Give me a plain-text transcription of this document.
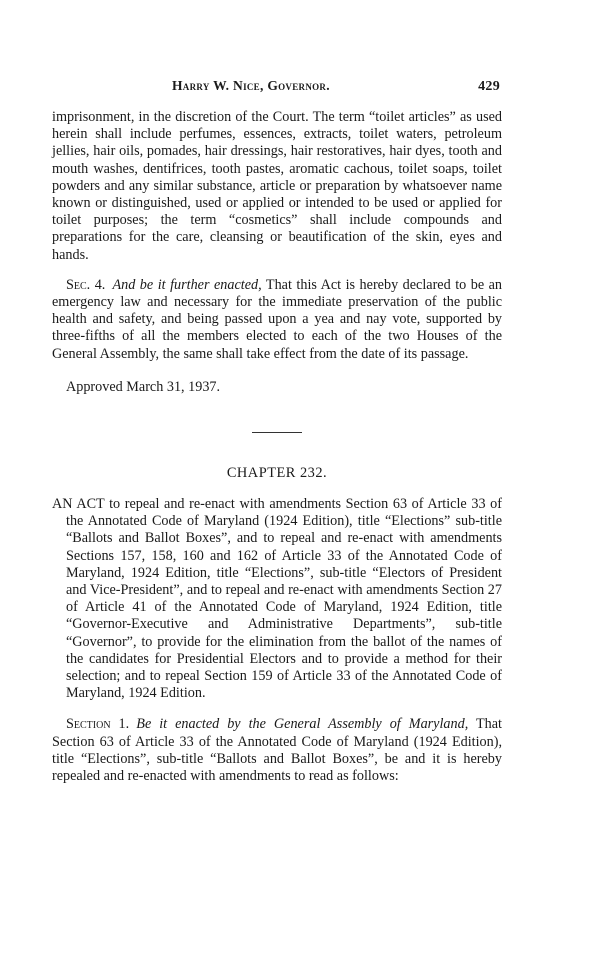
Harry W. Nice, Governor.	429

imprisonment, in the discretion of the Court. The term “toilet articles” as used herein shall include perfumes, essences, extracts, toilet waters, petroleum jellies, hair oils, pomades, hair dressings, hair restoratives, hair dyes, tooth and mouth washes, dentifrices, tooth pastes, aromatic cachous, toilet soaps, toilet powders and any similar substance, article or preparation by whatsoever name known or distinguished, used or applied or intended to be used or applied for toilet purposes; the term “cosmetics” shall include compounds and preparations for the care, cleansing or beautification of the skin, eyes and hands.

Sec. 4.  And be it further enacted, That this Act is hereby declared to be an emergency law and necessary for the immediate preservation of the public health and safety, and being passed upon a yea and nay vote, supported by three-fifths of all the members elected to each of the two Houses of the General Assembly, the same shall take effect from the date of its passage.

Approved March 31, 1937.

CHAPTER 232.

AN ACT to repeal and re-enact with amendments Section 63 of Article 33 of the Annotated Code of Maryland (1924 Edition), title “Elections” sub-title “Ballots and Ballot Boxes”, and to repeal and re-enact with amendments Sections 157, 158, 160 and 162 of Article 33 of the Annotated Code of Maryland, 1924 Edition, title “Elections”, sub-title “Electors of President and Vice-President”, and to repeal and re-enact with amendments Section 27 of Article 41 of the Annotated Code of Maryland, 1924 Edition, title “Governor-Executive and Administrative Departments”, sub-title “Governor”, to provide for the elimination from the ballot of the names of the candidates for Presidential Electors and to provide a method for their selection; and to repeal Section 159 of Article 33 of the Annotated Code of Maryland, 1924 Edition.

Section 1.  Be it enacted by the General Assembly of Maryland, That Section 63 of Article 33 of the Annotated Code of Maryland (1924 Edition), title “Elections”, sub-title “Ballots and Ballot Boxes”, be and it is hereby repealed and re-enacted with amendments to read as follows:
